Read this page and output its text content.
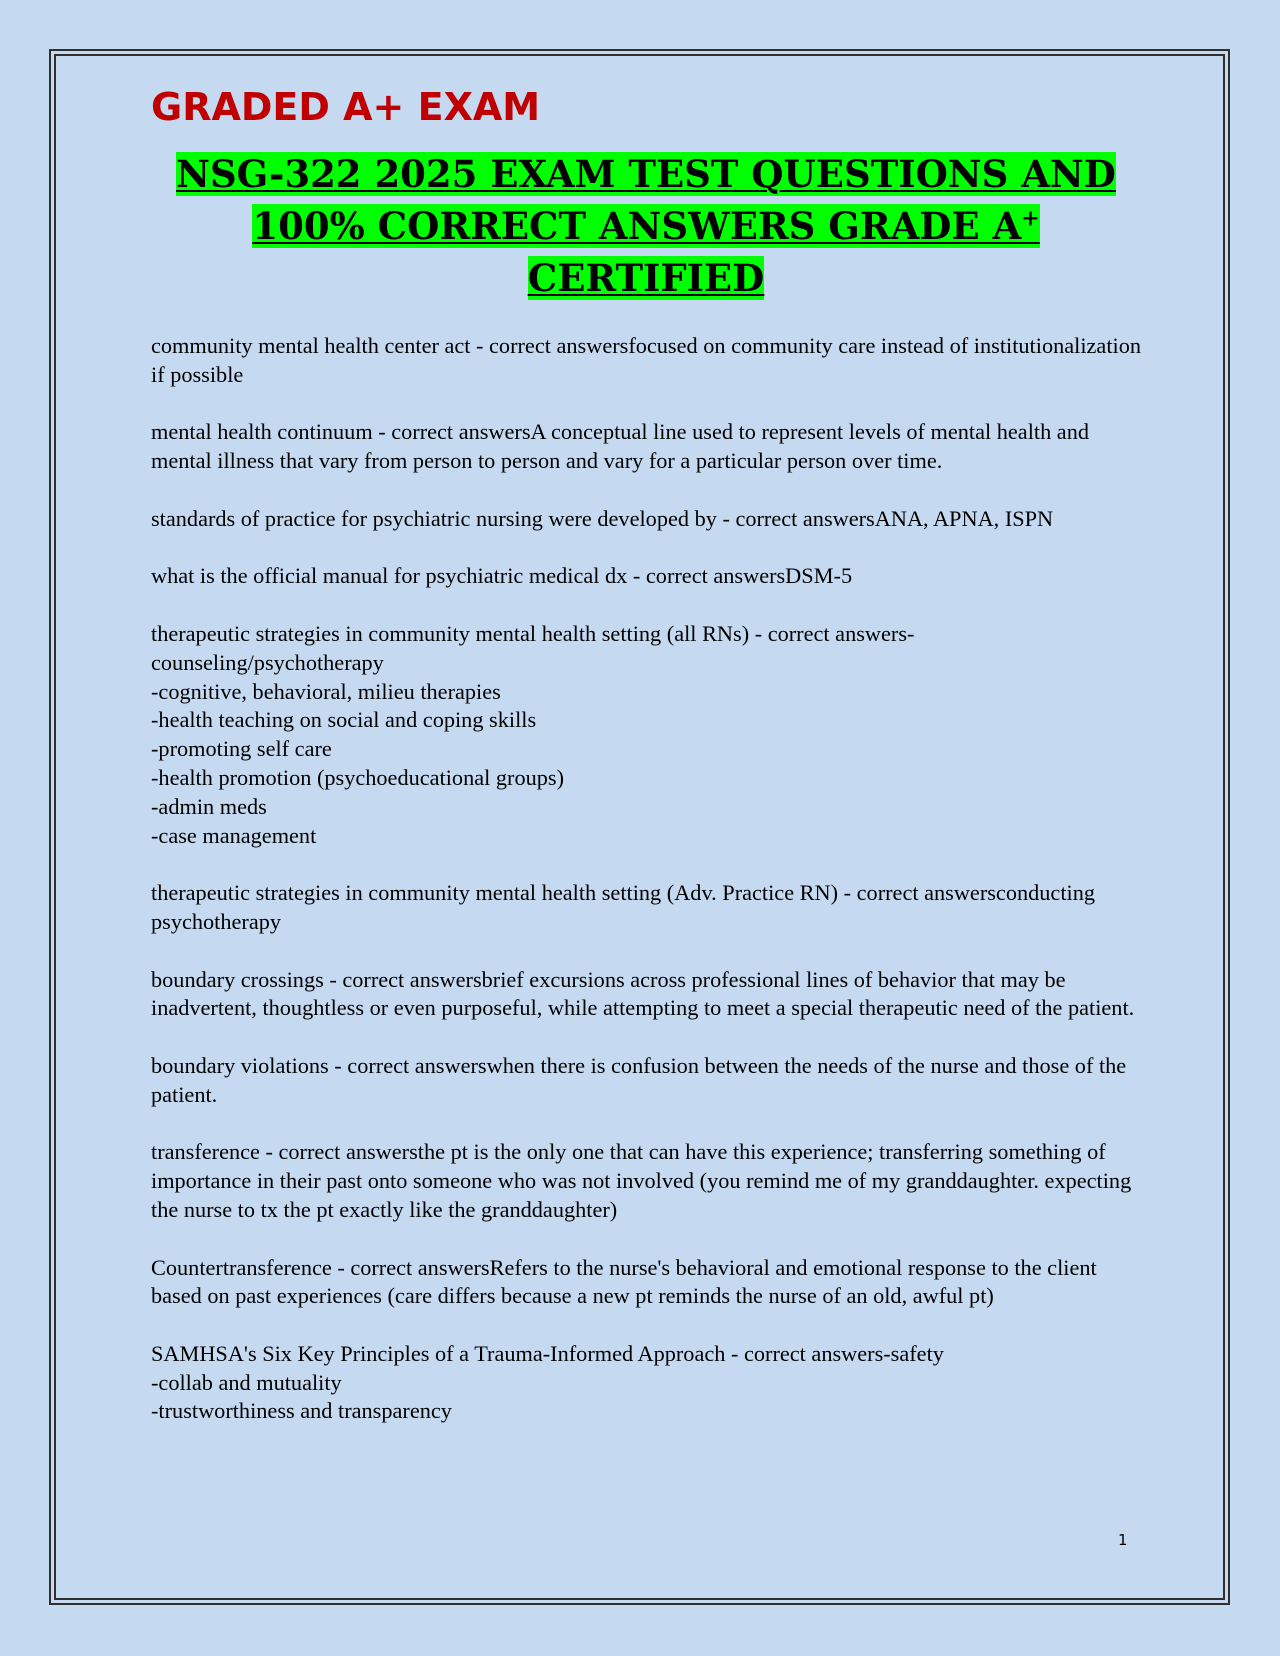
GRADED A+ EXAM
NSG-322 2025 EXAM TEST QUESTIONS AND
100% CORRECT ANSWERS GRADE A+ CERTIFIED

community mental health center act - correct answersfocused on community care instead of institutionalization if possible

mental health continuum - correct answersA conceptual line used to represent levels of mental health and mental illness that vary from person to person and vary for a particular person over time.

standards of practice for psychiatric nursing were developed by - correct answersANA, APNA, ISPN

what is the official manual for psychiatric medical dx - correct answersDSM-5

therapeutic strategies in community mental health setting (all RNs) - correct answers-counseling/psychotherapy
-cognitive, behavioral, milieu therapies
-health teaching on social and coping skills
-promoting self care
-health promotion (psychoeducational groups)
-admin meds
-case management

therapeutic strategies in community mental health setting (Adv. Practice RN) - correct answersconducting psychotherapy

boundary crossings - correct answersbrief excursions across professional lines of behavior that may be inadvertent, thoughtless or even purposeful, while attempting to meet a special therapeutic need of the patient.

boundary violations - correct answerswhen there is confusion between the needs of the nurse and those of the patient.

transference - correct answersthe pt is the only one that can have this experience; transferring something of importance in their past onto someone who was not involved (you remind me of my granddaughter. expecting the nurse to tx the pt exactly like the granddaughter)

Countertransference - correct answersRefers to the nurse's behavioral and emotional response to the client based on past experiences (care differs because a new pt reminds the nurse of an old, awful pt)

SAMHSA's Six Key Principles of a Trauma-Informed Approach - correct answers-safety
-collab and mutuality
-trustworthiness and transparency

1
